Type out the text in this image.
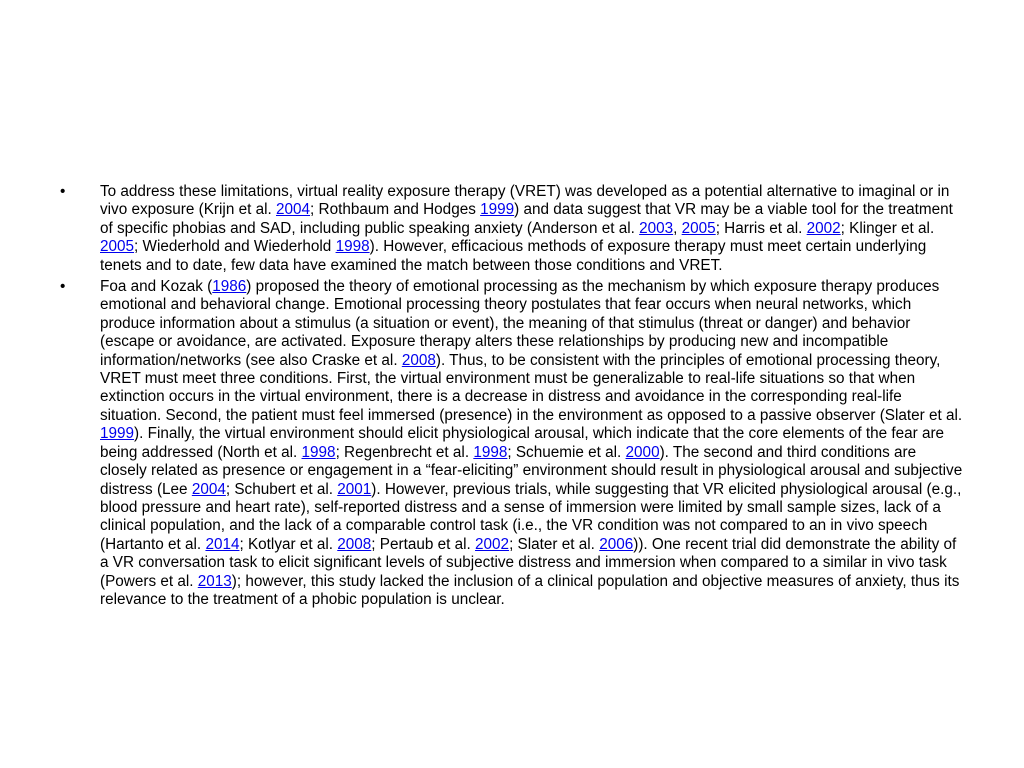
• To address these limitations, virtual reality exposure therapy (VRET) was developed as a potential alternative to imaginal or in vivo exposure (Krijn et al. 2004; Rothbaum and Hodges 1999) and data suggest that VR may be a viable tool for the treatment of specific phobias and SAD, including public speaking anxiety (Anderson et al. 2003, 2005; Harris et al. 2002; Klinger et al. 2005; Wiederhold and Wiederhold 1998). However, efficacious methods of exposure therapy must meet certain underlying tenets and to date, few data have examined the match between those conditions and VRET.
• Foa and Kozak (1986) proposed the theory of emotional processing as the mechanism by which exposure therapy produces emotional and behavioral change. Emotional processing theory postulates that fear occurs when neural networks, which produce information about a stimulus (a situation or event), the meaning of that stimulus (threat or danger) and behavior (escape or avoidance, are activated. Exposure therapy alters these relationships by producing new and incompatible information/networks (see also Craske et al. 2008). Thus, to be consistent with the principles of emotional processing theory, VRET must meet three conditions. First, the virtual environment must be generalizable to real-life situations so that when extinction occurs in the virtual environment, there is a decrease in distress and avoidance in the corresponding real-life situation. Second, the patient must feel immersed (presence) in the environment as opposed to a passive observer (Slater et al. 1999). Finally, the virtual environment should elicit physiological arousal, which indicate that the core elements of the fear are being addressed (North et al. 1998; Regenbrecht et al. 1998; Schuemie et al. 2000). The second and third conditions are closely related as presence or engagement in a “fear-eliciting” environment should result in physiological arousal and subjective distress (Lee 2004; Schubert et al. 2001). However, previous trials, while suggesting that VR elicited physiological arousal (e.g., blood pressure and heart rate), self-reported distress and a sense of immersion were limited by small sample sizes, lack of a clinical population, and the lack of a comparable control task (i.e., the VR condition was not compared to an in vivo speech (Hartanto et al. 2014; Kotlyar et al. 2008; Pertaub et al. 2002; Slater et al. 2006)). One recent trial did demonstrate the ability of a VR conversation task to elicit significant levels of subjective distress and immersion when compared to a similar in vivo task (Powers et al. 2013); however, this study lacked the inclusion of a clinical population and objective measures of anxiety, thus its relevance to the treatment of a phobic population is unclear.
